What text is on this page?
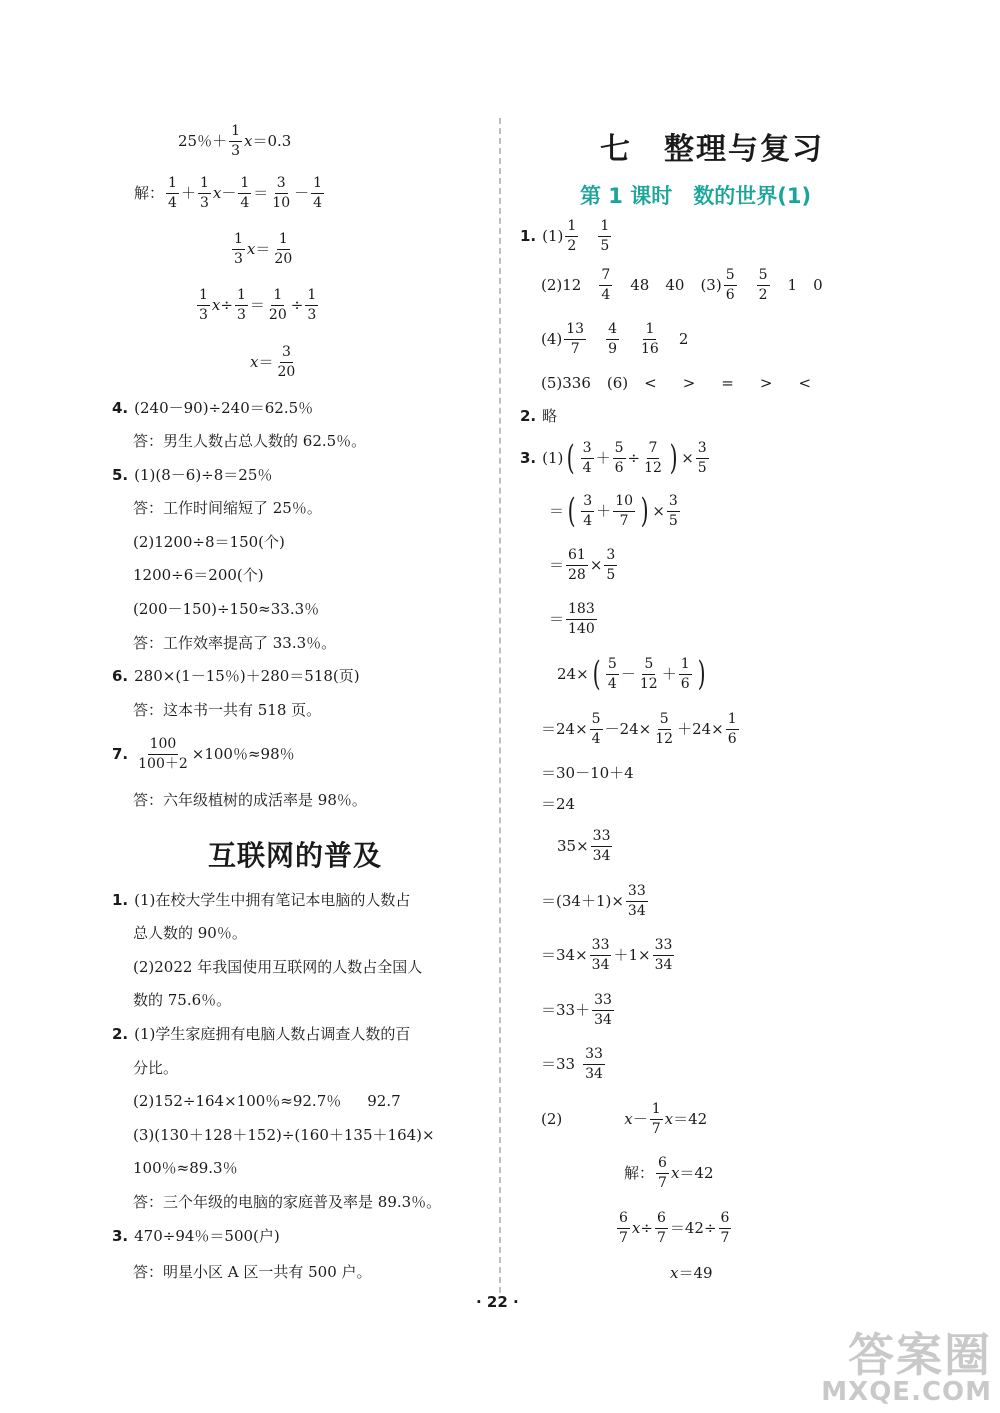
25％＋ $\frac{1}{3}$ x ＝0.3
解： $\frac{1}{4} + \frac{1}{3}$ $x - \frac{1}{4} = \frac{3}{10} - \frac{1}{4}$
$\frac{1}{3}$ $x = \frac{1}{20}$
$\frac{1}{3}$ $x \div \frac{1}{3} = \frac{1}{20} \div \frac{1}{3}$
$x = \frac{3}{20}$
4. (240－90)÷240＝62.5％
答：男生人数占总人数的 62.5％。
5. (1)(8－6)÷8＝25％
答：工作时间缩短了 25％。
(2)1200÷8＝150(个)
1200÷6＝200(个)
(200－150)÷150≈33.3％
答：工作效率提高了 33.3％。
6. 280×(1－15％)＋280＝518(页)
答：这本书一共有 518 页。
7. $\frac{100}{100+2} \times 100$％≈98％
答：六年级植树的成活率是 98％。
互联网的普及
1. (1)在校大学生中拥有笔记本电脑的人数占
总人数的 90％。
(2)2022 年我国使用互联网的人数占全国人
数的 75.6％。
2. (1)学生家庭拥有电脑人数占调查人数的百
分比。
(2)152÷164×100％≈92.7％ 92.7
(3)(130＋128＋152)÷(160＋135＋164)×
100％≈89.3％
答：三个年级的电脑的家庭普及率是 89.3％。
3. 470÷94％＝500(户)
答：明星小区 A 区一共有 500 户。
七　整理与复习
第 1 课时　数的世界(1)
1. $(1) \frac{1}{2} \frac{1}{5}$
$(2)12 \frac{7}{4} 48$ 40 $(3) \frac{5}{6} \frac{5}{2} 1$ 0
$(4) \frac{13}{7} \frac{4}{9} \frac{1}{16} 2$
(5)336 (6) < > = > <
2. 略
3. (1) ( $\frac{3}{4} + \frac{5}{6} \div \frac{7}{12}$ ) × $\frac{3}{5}$
＝ ( $\frac{3}{4} + \frac{10}{7}$ ) × $\frac{3}{5}$
＝ $\frac{61}{28} \times \frac{3}{5}$
＝ $\frac{183}{140}$
24× ( $\frac{5}{4} - \frac{5}{12} + \frac{1}{6}$ )
$=24\times \frac{5}{4} -24\times \frac{5}{12} +24\times \frac{1}{6}$
＝30－10＋4
＝24
$35\times \frac{33}{34}$
$=(34+1)\times \frac{33}{34}$
$=34\times \frac{33}{34} +1\times \frac{33}{34}$
$=33+ \frac{33}{34}$
$=33 \frac{33}{34}$
(2)	$x - \frac{1}{7}$ x ＝42
解： $\frac{6}{7}$ x ＝42
$\frac{6}{7}$ $x \div \frac{6}{7} =42\div \frac{6}{7}$
x ＝49
· 22 ·
答案圈
MXQE.COM
